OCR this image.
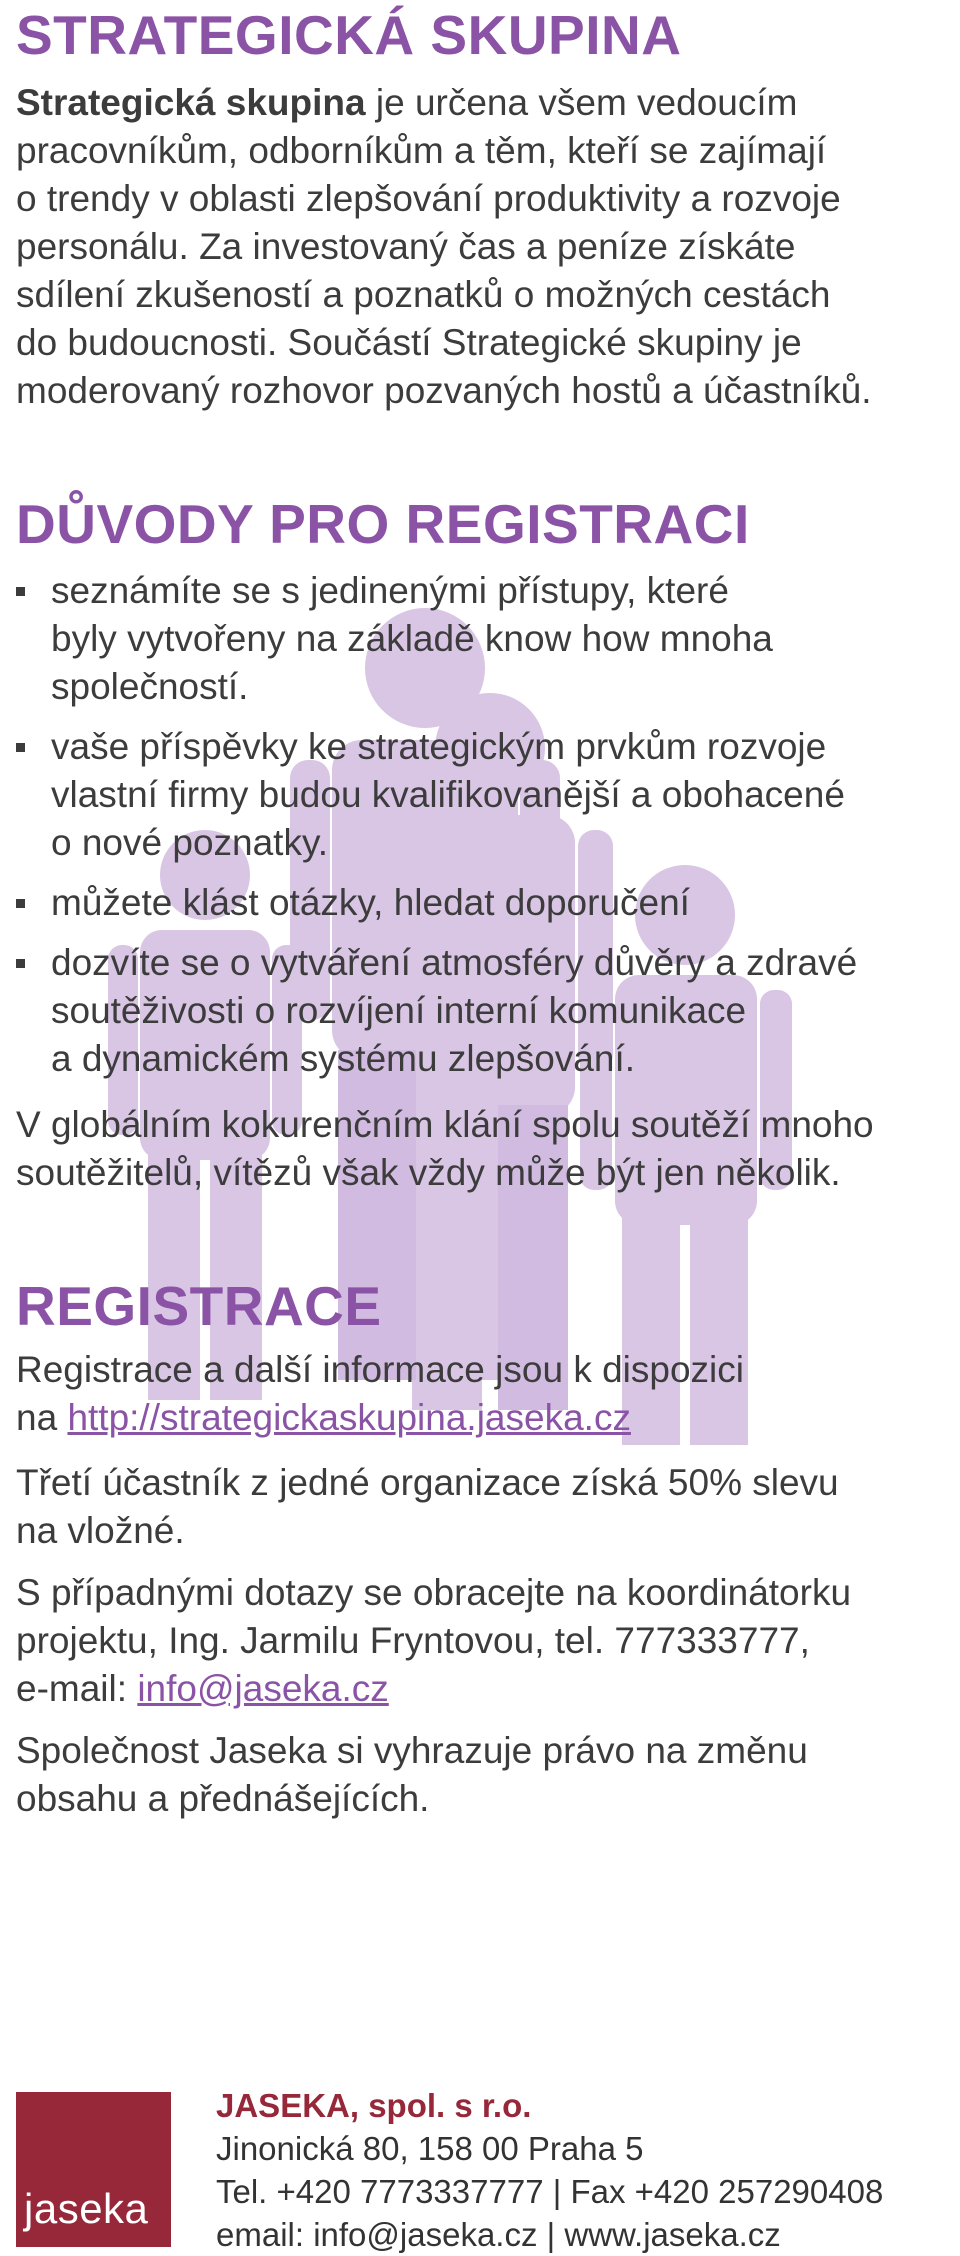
STRATEGICKÁ SKUPINA

Strategická skupina je určena všem vedoucím

pracovníkům, odborníkům a těm, kteří se zajímají

o trendy v oblasti zlepšování produktivity a rozvoje

personálu. Za investovaný čas a peníze získáte

sdílení zkušeností a poznatků o možných cestách

do budoucnosti. Součástí Strategické skupiny je

moderovaný rozhovor pozvaných hostů a účastníků.

DŮVODY PRO REGISTRACI
seznámíte se s jedinenými přístupy, které
byly vytvořeny na základě know how mnoha
společností.
vaše příspěvky ke strategickým prvkům rozvoje
vlastní firmy budou kvalifikovanější a obohacené
o nové poznatky.
můžete klást otázky, hledat doporučení
dozvíte se o vytváření atmosféry důvěry a zdravé
soutěživosti o rozvíjení interní komunikace
a dynamickém systému zlepšování.

V globálním kokurenčním klání spolu soutěží mnoho

soutěžitelů, vítězů však vždy může být jen několik.

REGISTRACE

Registrace a další informace jsou k dispozici

na http://strategickaskupina.jaseka.cz

Třetí účastník z jedné organizace získá 50% slevu

na vložné.

S případnými dotazy se obracejte na koordinátorku

projektu, Ing. Jarmilu Fryntovou, tel. 777333777,

e-mail: info@jaseka.cz

Společnost Jaseka si vyhrazuje právo na změnu

obsahu a přednášejících.

jaseka

JASEKA, spol. s r.o.

Jinonická 80, 158 00 Praha 5

Tel. +420 7773337777 | Fax +420 257290408

email: info@jaseka.cz | www.jaseka.cz
